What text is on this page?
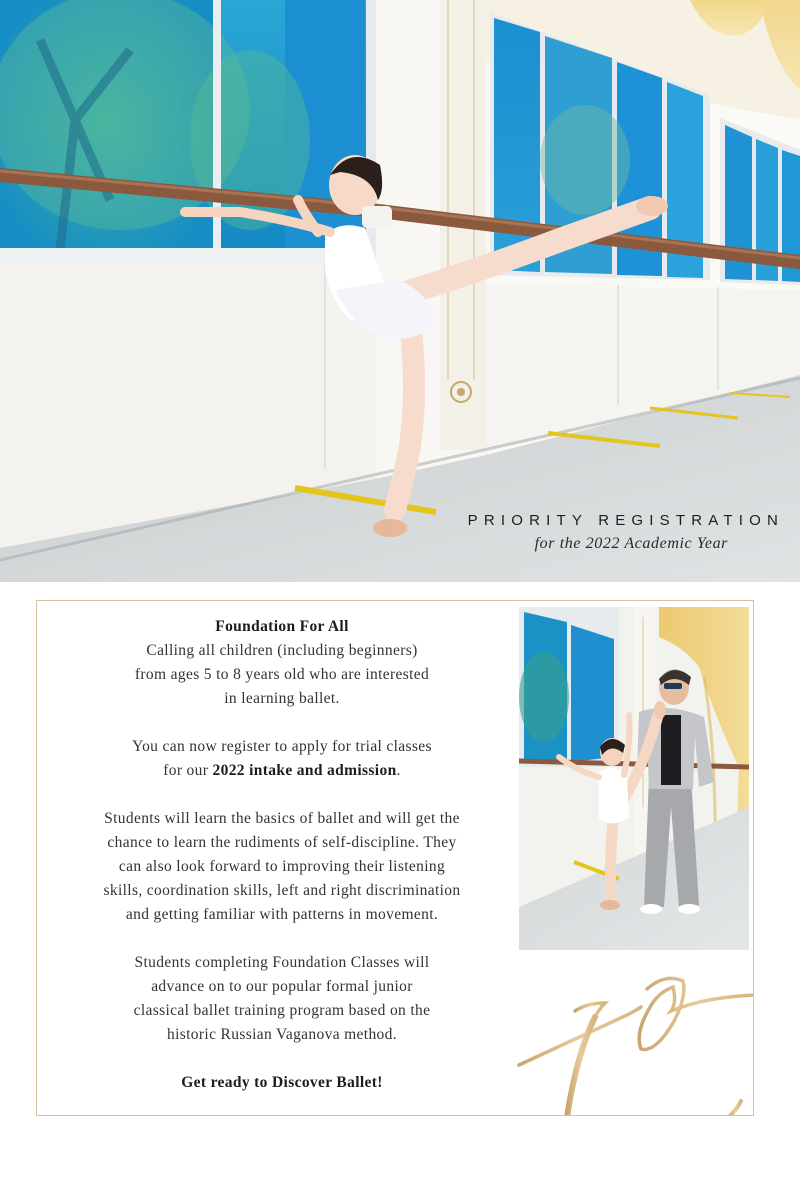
PRIORITY REGISTRATION
for the 2022 Academic Year

Foundation For All
Calling all children (including beginners)
from ages 5 to 8 years old who are interested
in learning ballet.

You can now register to apply for trial classes
for our 2022 intake and admission.

Students will learn the basics of ballet and will get the
chance to learn the rudiments of self-discipline. They
can also look forward to improving their listening
skills, coordination skills, left and right discrimination
and getting familiar with patterns in movement.

Students completing Foundation Classes will
advance on to our popular formal junior
classical ballet training program based on the
historic Russian Vaganova method.

Get ready to Discover Ballet!
